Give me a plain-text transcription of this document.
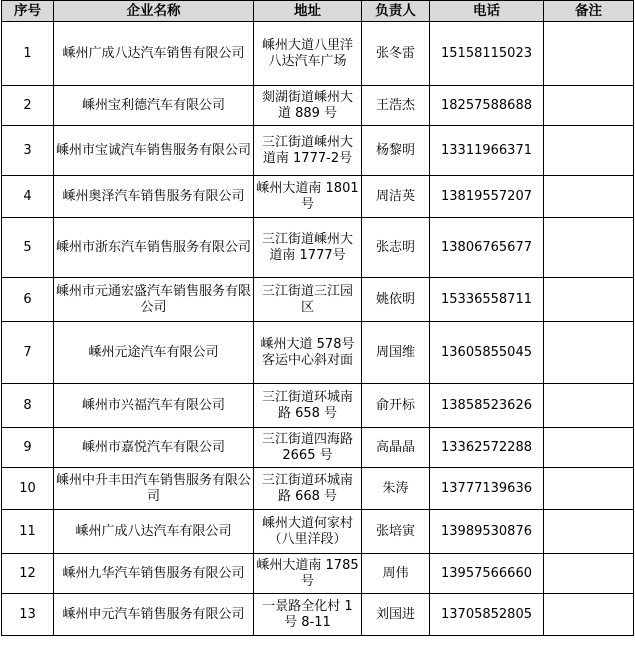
序号	企业名称	地址	负责人	电话	备注
1	嵊州广成八达汽车销售有限公司	嵊州大道八里洋八达汽车广场	张冬雷	15158115023	
2	嵊州宝利德汽车有限公司	剡湖街道嵊州大道 889 号	王浩杰	18257588688	
3	嵊州市宝诚汽车销售服务有限公司	三江街道嵊州大道南 1777-2号	杨黎明	13311966371	
4	嵊州奥泽汽车销售服务有限公司	嵊州大道南 1801 号	周洁英	13819557207	
5	嵊州市浙东汽车销售服务有限公司	三江街道嵊州大道南 1777号	张志明	13806765677	
6	嵊州市元通宏盛汽车销售服务有限公司	三江街道三江园区	姚依明	15336558711	
7	嵊州元途汽车有限公司	嵊州大道 578号客运中心斜对面	周国维	13605855045	
8	嵊州市兴福汽车有限公司	三江街道环城南路 658 号	俞开标	13858523626	
9	嵊州市嘉悦汽车有限公司	三江街道四海路 2665 号	高晶晶	13362572288	
10	嵊州中升丰田汽车销售服务有限公司	三江街道环城南路 668 号	朱涛	13777139636	
11	嵊州广成八达汽车有限公司	嵊州大道何家村（八里洋段）	张培寅	13989530876	
12	嵊州九华汽车销售服务有限公司	嵊州大道南 1785 号	周伟	13957566660	
13	嵊州申元汽车销售服务有限公司	一景路全化村 1 号 8-11	刘国进	13705852805	
